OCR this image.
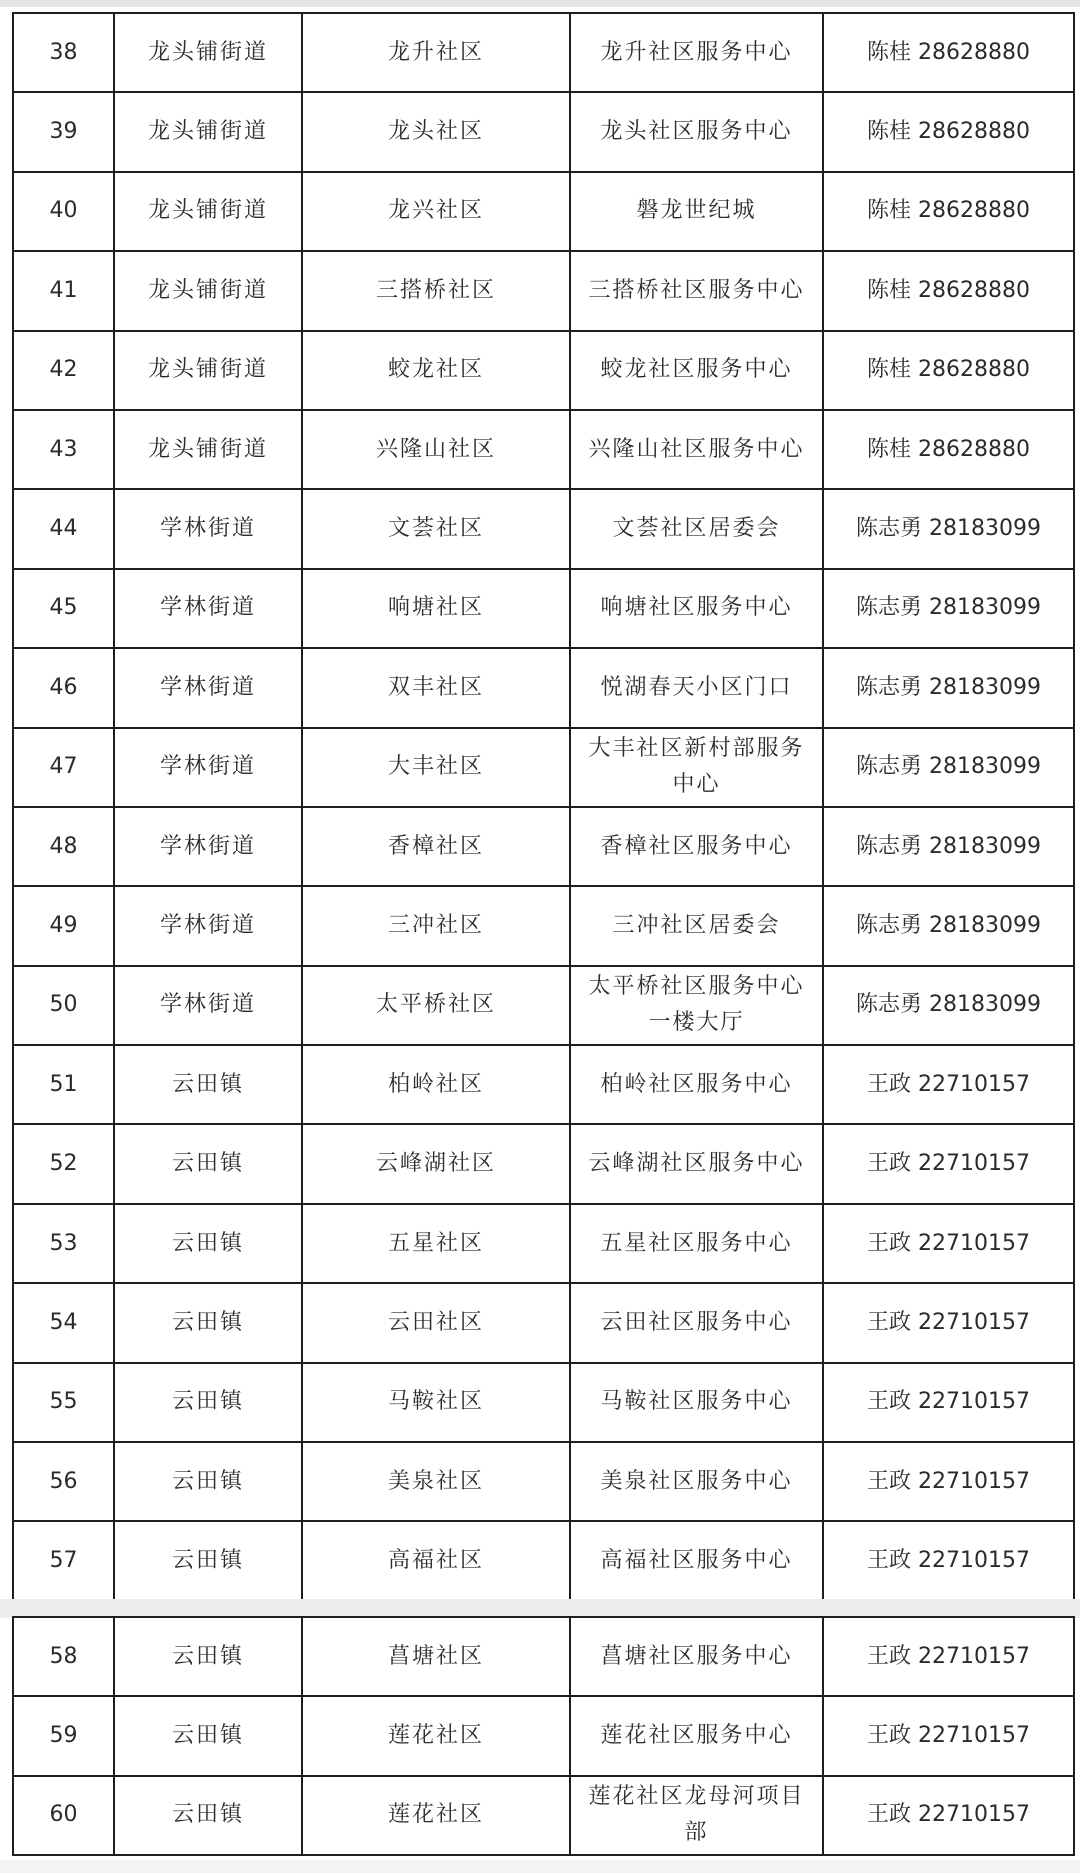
38	龙头铺街道	龙升社区	龙升社区服务中心	陈桂 28628880
39	龙头铺街道	龙头社区	龙头社区服务中心	陈桂 28628880
40	龙头铺街道	龙兴社区	磐龙世纪城	陈桂 28628880
41	龙头铺街道	三搭桥社区	三搭桥社区服务中心	陈桂 28628880
42	龙头铺街道	蛟龙社区	蛟龙社区服务中心	陈桂 28628880
43	龙头铺街道	兴隆山社区	兴隆山社区服务中心	陈桂 28628880
44	学林街道	文荟社区	文荟社区居委会	陈志勇 28183099
45	学林街道	响塘社区	响塘社区服务中心	陈志勇 28183099
46	学林街道	双丰社区	悦湖春天小区门口	陈志勇 28183099
47	学林街道	大丰社区	大丰社区新村部服务
中心	陈志勇 28183099
48	学林街道	香樟社区	香樟社区服务中心	陈志勇 28183099
49	学林街道	三冲社区	三冲社区居委会	陈志勇 28183099
50	学林街道	太平桥社区	太平桥社区服务中心
一楼大厅	陈志勇 28183099
51	云田镇	柏岭社区	柏岭社区服务中心	王政 22710157
52	云田镇	云峰湖社区	云峰湖社区服务中心	王政 22710157
53	云田镇	五星社区	五星社区服务中心	王政 22710157
54	云田镇	云田社区	云田社区服务中心	王政 22710157
55	云田镇	马鞍社区	马鞍社区服务中心	王政 22710157
56	云田镇	美泉社区	美泉社区服务中心	王政 22710157
57	云田镇	高福社区	高福社区服务中心	王政 22710157
58	云田镇	菖塘社区	菖塘社区服务中心	王政 22710157
59	云田镇	莲花社区	莲花社区服务中心	王政 22710157
60	云田镇	莲花社区	莲花社区龙母河项目
部	王政 22710157
